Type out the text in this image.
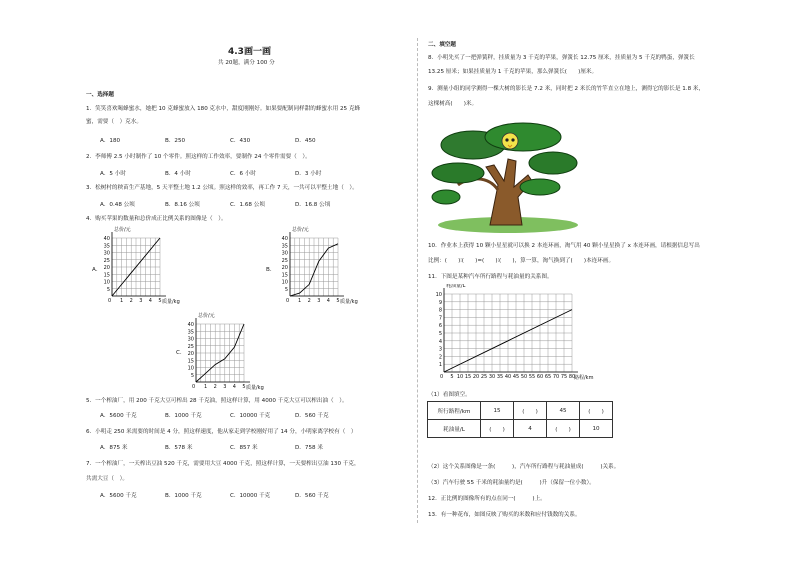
4.3画一画
共 20题，满分 100 分
一、选择题
1．笑笑喜欢喝蜂蜜水，她把 10 克蜂蜜放入 180 克水中，甜度刚刚好。如果要配制同样甜的蜂蜜水用 25 克蜂
蜜，需要（　）克水。
A．180	B．250	C．430	D．450
2．李师傅 2.5 小时制作了 10 个零件。照这样的工作效率，要制作 24 个零件需要（　）。
A．5 小时	B．4 小时	C．6 小时	D．3 小时
3．松树村的秧苗生产基地，5 天平整土地 1.2 公顷。照这样的效率，再工作 7 天，一共可以平整土地（　）。
A．0.48 公顷	B．8.16 公顷	C．1.68 公顷	D．16.8 公顷
4．购买苹果的数量和总价成正比例关系的图像是（　）。
A．	B．
C．
总价/元
质量/kg
0
40
35
30
25
20
15
10
5
1 2 3 4 5
总价/元
质量/kg
0
40
35
30
25
20
15
10
5
1 2 3 4 5
总价/元
质量/kg
0
40
35
30
25
20
15
10
5
1 2 3 4 5
5．一个榨油厂，用 200 千克大豆可榨出 28 千克油，照这样计算，用 4000 千克大豆可以榨出油（　）。
A．5600 千克	B．1000 千克	C．10000 千克	D．560 千克
6．小明走 250 米需要的时间是 4 分，照这样速度，他从家走到学校刚好用了 14 分，小明家离学校有（　）
A．875 米	B．578 米	C．857 米	D．758 米
7．一个榨油厂，一天榨出豆油 520 千克，需要用大豆 4000 千克，照这样计算，一天要榨出豆油 130 千克，
共需大豆（　）。
A．5600 千克	B．1000 千克	C．10000 千克	D．560 千克
二、填空题
8．小明先买了一把弹簧秤，挂质量为 3 千克的苹果，弹簧长 12.75 厘米，挂质量为 5 千克的鸭蛋，弹簧长
13.25 厘米；如果挂质量为 1 千克的苹果，那么弹簧长(　　)厘米。
9．测量小组的同学测得一棵大树的影长是 7.2 米，同时把 2 米长的竹竿直立在地上，测得它的影长是 1.8 米，
这棵树高(　　)米。
10．作业本上获得 10 颗小星星就可以换 2 本连环画，淘气用 40 颗小星星换了 x 本连环画，请根据信息写出
比例：(　　)∶(　　)=(　　)∶(　　)，算一算，淘气换到了(　　)本连环画。
11．下图是某种汽车所行路程与耗油量的关系图。
耗油量/L
路程/km
0
10
9
8
7
6
5
4
3
2
1
5 10 15 20 25 30 35 40 45 50 55 60 65 70 75 80
（1）看图填空。
所行路程/km	15	(　　)	45	(　　)
耗油量/L	(　　)	4	(　　)	10
（2）这个关系图像是一条(　　　)，汽车所行路程与耗油量成(　　　)关系。
（3）汽车行驶 55 千米的耗油量约是(　　　)升（保留一位小数）。
12．正比例的图像所有的点在同一(　　　)上。
13．有一种花布，如图反映了购买的米数和应付钱数的关系。
